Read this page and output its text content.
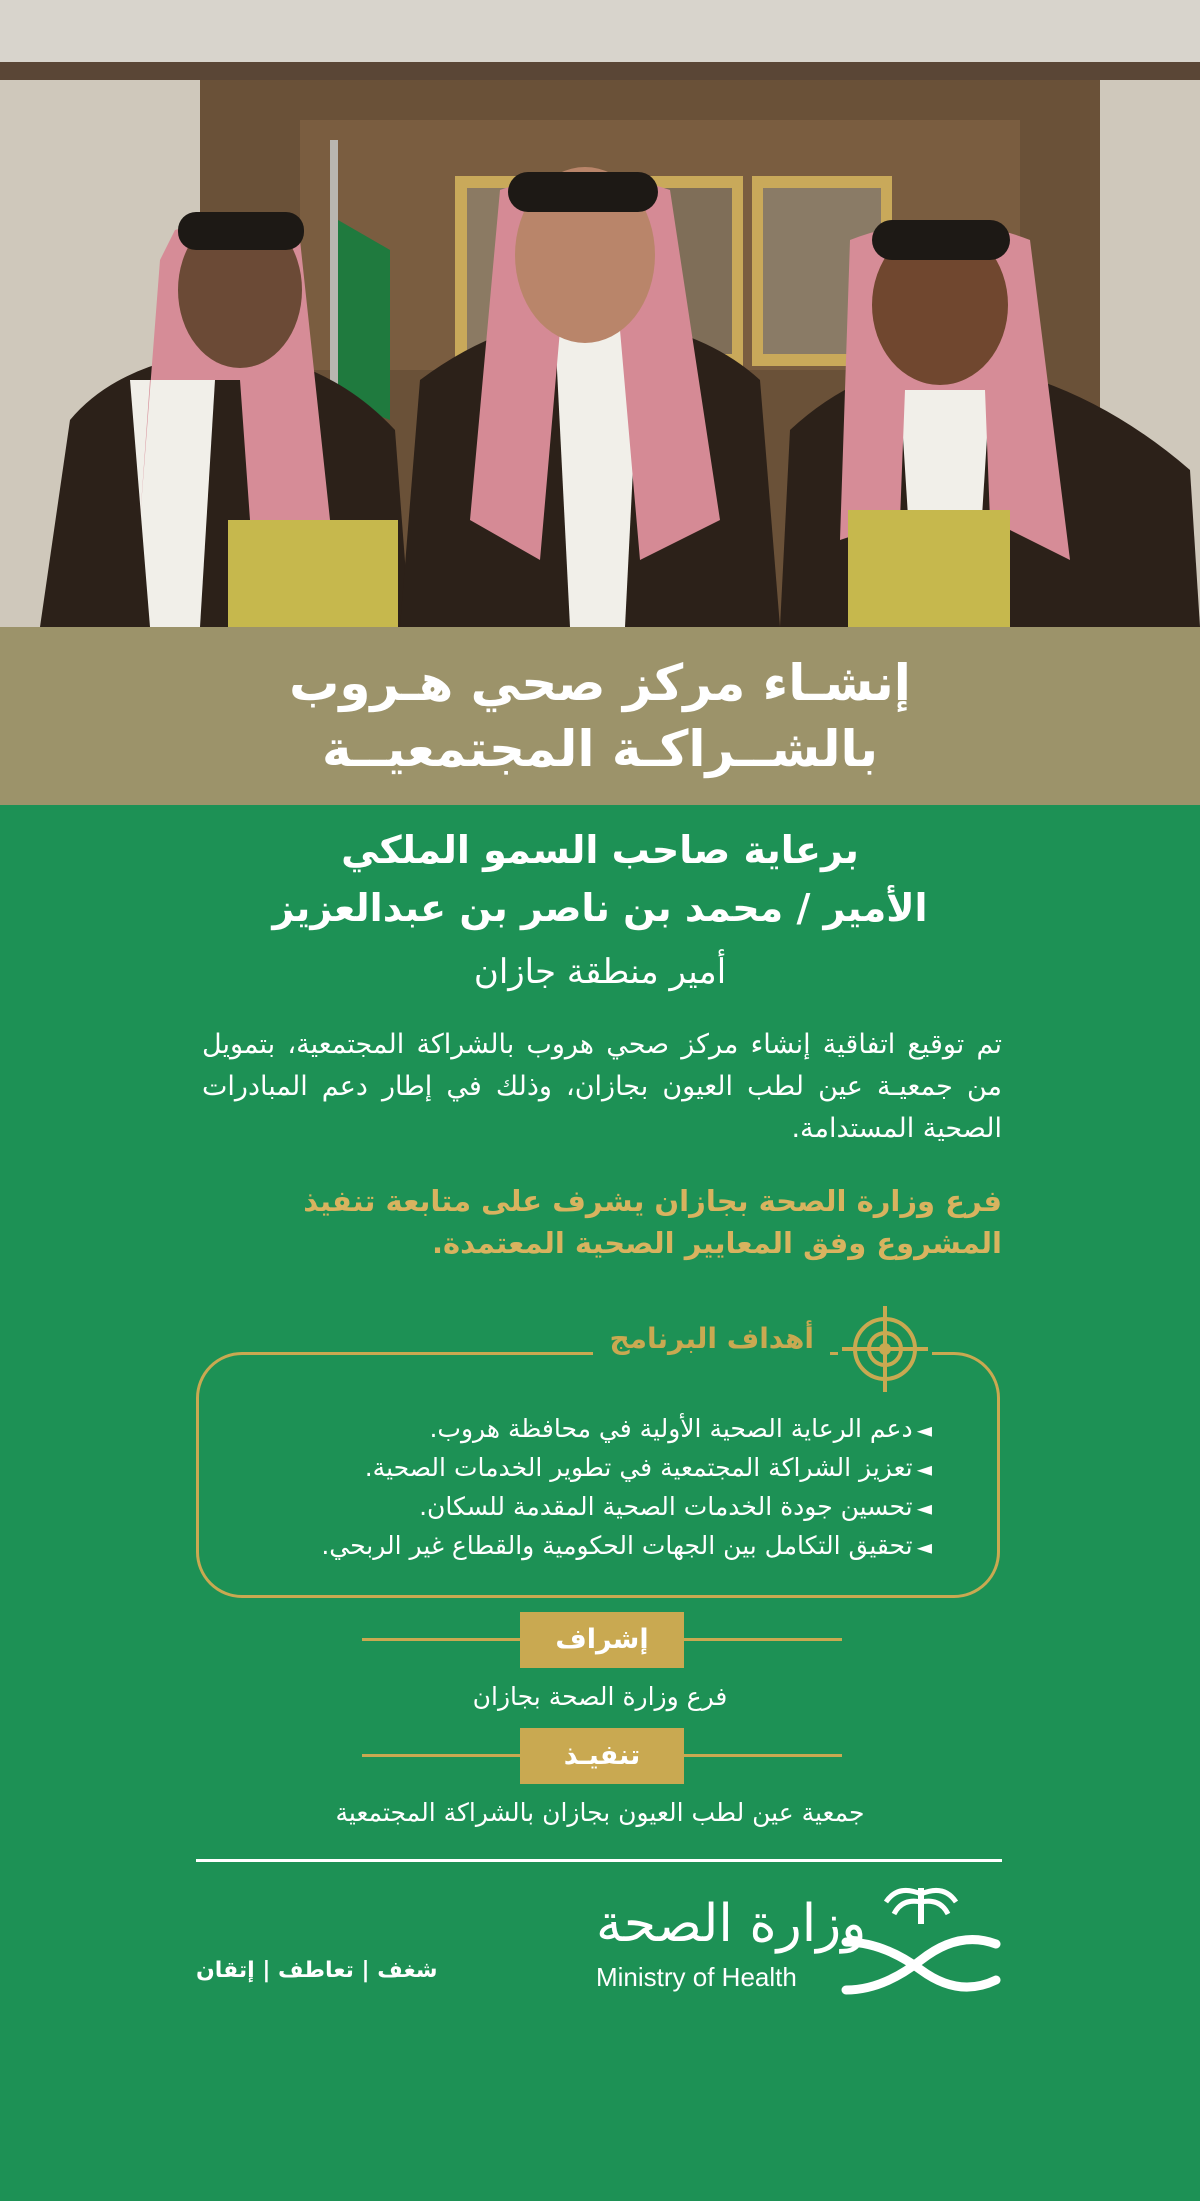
إنشـاء مركز صحي هـروب
بالشــراكـة المجتمعيــة
برعاية صاحب السمو الملكي
الأمير / محمد بن ناصر بن عبدالعزيز
أمير منطقة جازان
تم توقيع اتفاقية إنشاء مركز صحي هروب بالشراكة المجتمعية، بتمويل من جمعيـة عين لطب العيون بجازان، وذلك في إطار دعم المبادرات الصحية المستدامة.
فرع وزارة الصحة بجازان يشرف على متابعة تنفيذ المشروع وفق المعايير الصحية المعتمدة.
أهداف البرنامج
◄دعم الرعاية الصحية الأولية في محافظة هروب.
◄تعزيز الشراكة المجتمعية في تطوير الخدمات الصحية.
◄تحسين جودة الخدمات الصحية المقدمة للسكان.
◄تحقيق التكامل بين الجهات الحكومية والقطاع غير الربحي.
إشراف
فرع وزارة الصحة بجازان
تنفيـذ
جمعية عين لطب العيون بجازان بالشراكة المجتمعية
وزارة الصحة
Ministry of Health
شغف | تعاطف | إتقان
